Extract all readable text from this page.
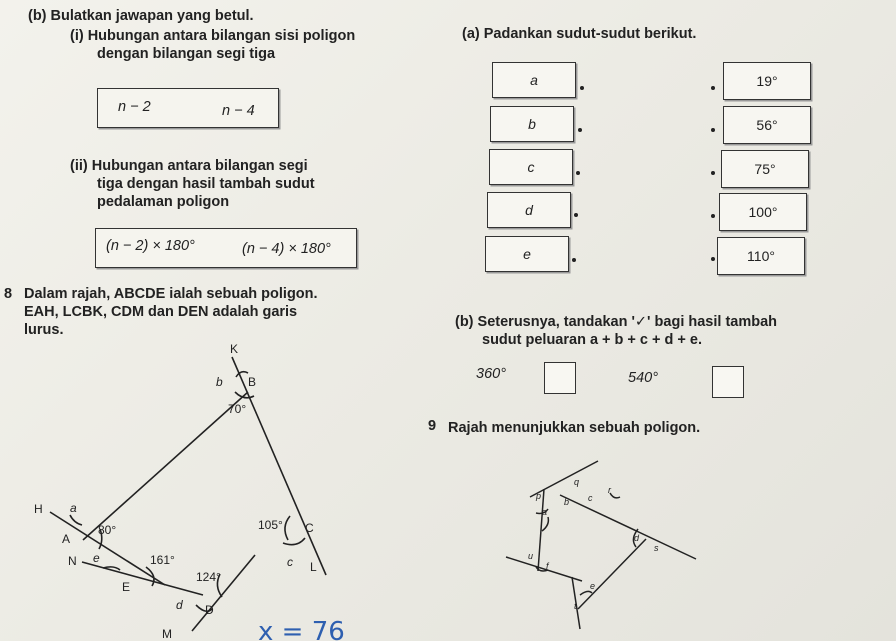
(b) Bulatkan jawapan yang betul.
(i) Hubungan antara bilangan sisi poligon
dengan bilangan segi tiga
n − 2	n − 4
(ii) Hubungan antara bilangan segi
tiga dengan hasil tambah sudut
pedalaman poligon
(n − 2) × 180°	(n − 4) × 180°
(a) Padankan sudut-sudut berikut.
a
b
c
d
e
19°
56°
75°
100°
110°
8 Dalam rajah, ABCDE ialah sebuah poligon.
EAH, LCBK, CDM dan DEN adalah garis
lurus.
K
b B
70°
H a
A
80°
N e	161°
E
105° C
c L
124°
d D
M	x = 76
(b) Seterusnya, tandakan '✓' bagi hasil tambah
sudut peluaran a + b + c + d + e.
360°	540°
9 Rajah menunjukkan sebuah poligon.
p
q
r
a
b c
d
s
u
f
e
t
